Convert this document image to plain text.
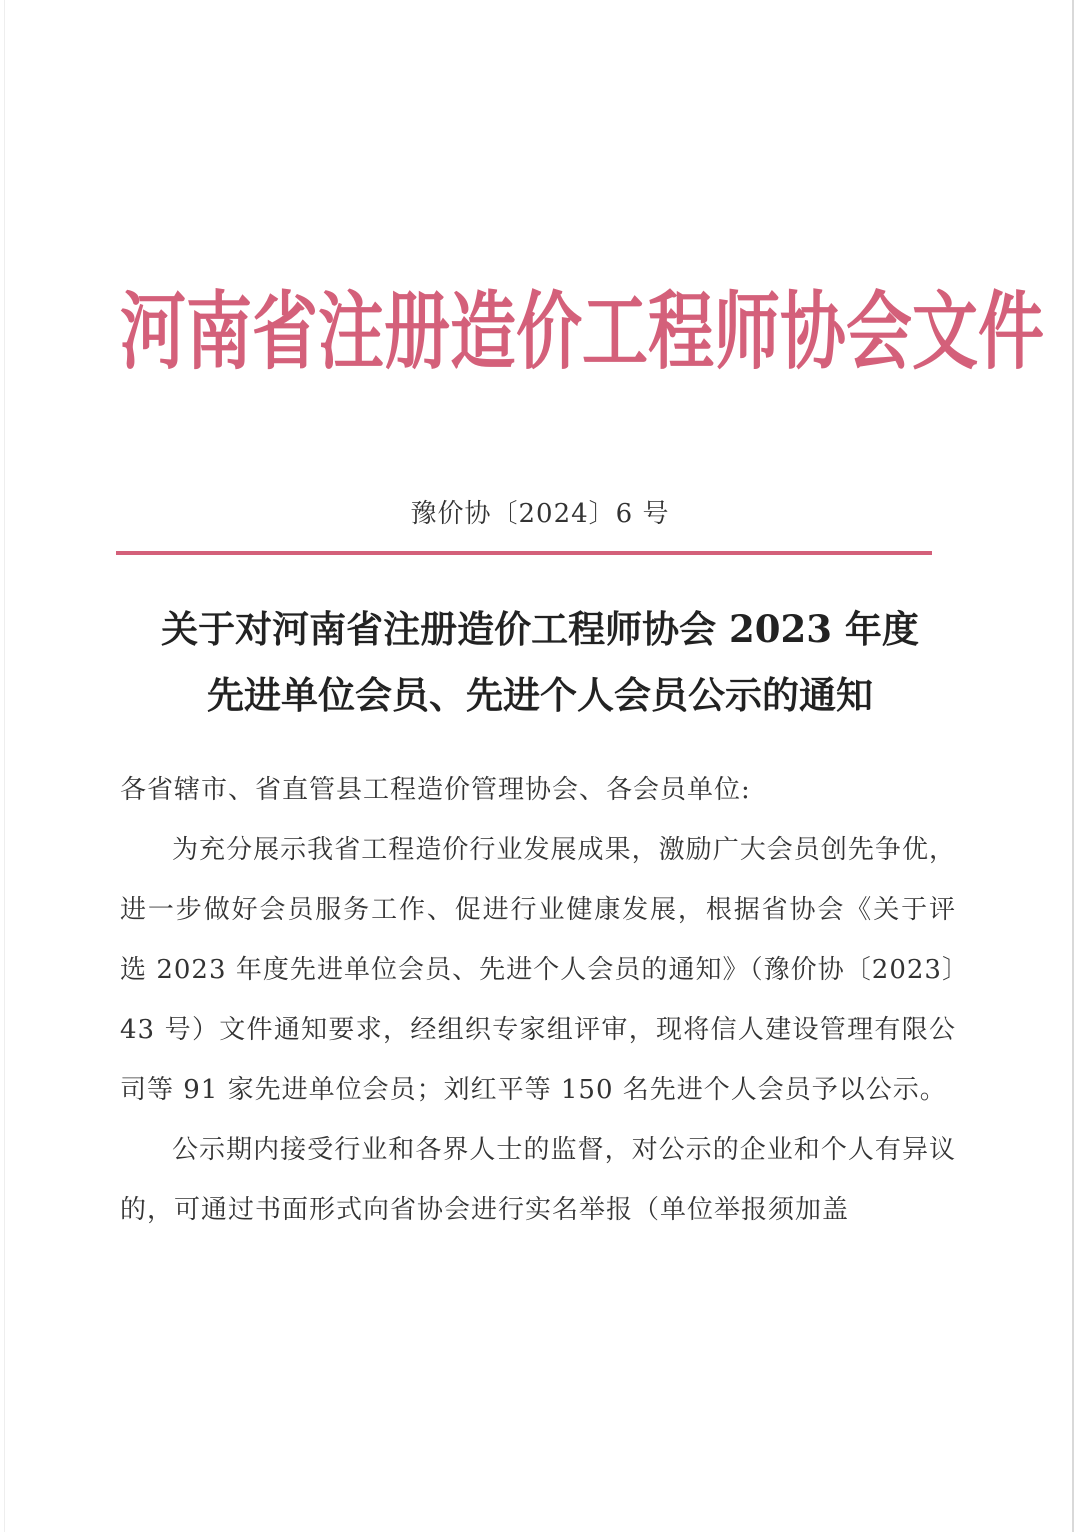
河南省注册造价工程师协会文件
豫价协〔2024〕6 号
关于对河南省注册造价工程师协会 2023 年度
先进单位会员、先进个人会员公示的通知

各省辖市、省直管县工程造价管理协会、各会员单位:

为充分展示我省工程造价行业发展成果，激励广大会员创先争优，进一步做好会员服务工作、促进行业健康发展，根据省协会《关于评选 2023 年度先进单位会员、先进个人会员的通知》（豫价协〔2023〕43 号）文件通知要求，经组织专家组评审，现将信人建设管理有限公司等 91 家先进单位会员；刘红平等 150 名先进个人会员予以公示。

公示期内接受行业和各界人士的监督，对公示的企业和个人有异议的，可通过书面形式向省协会进行实名举报（单位举报须加盖
